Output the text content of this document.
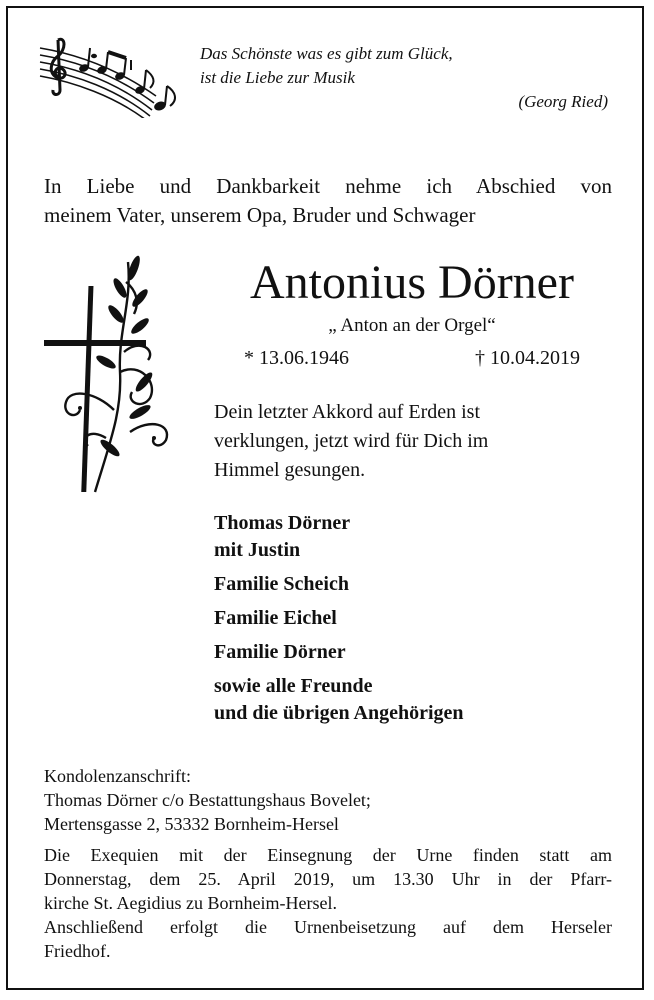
Das Schönste was es gibt zum Glück,
ist die Liebe zur Musik
(Georg Ried)
In Liebe und Dankbarkeit nehme ich Abschied von
meinem Vater, unserem Opa, Bruder und Schwager
Antonius Dörner
„ Anton an der Orgel“
* 13.06.1946	† 10.04.2019
Dein letzter Akkord auf Erden ist
verklungen, jetzt wird für Dich im
Himmel gesungen.
Thomas Dörner
mit Justin
Familie Scheich
Familie Eichel
Familie Dörner
sowie alle Freunde
und die übrigen Angehörigen
Kondolenzanschrift:
Thomas Dörner c/o Bestattungshaus Bovelet;
Mertensgasse 2, 53332 Bornheim-Hersel
Die Exequien mit der Einsegnung der Urne finden statt am
Donnerstag, dem 25. April 2019, um 13.30 Uhr in der Pfarr-
kirche St. Aegidius zu Bornheim-Hersel.
Anschließend erfolgt die Urnenbeisetzung auf dem Herseler
Friedhof.
